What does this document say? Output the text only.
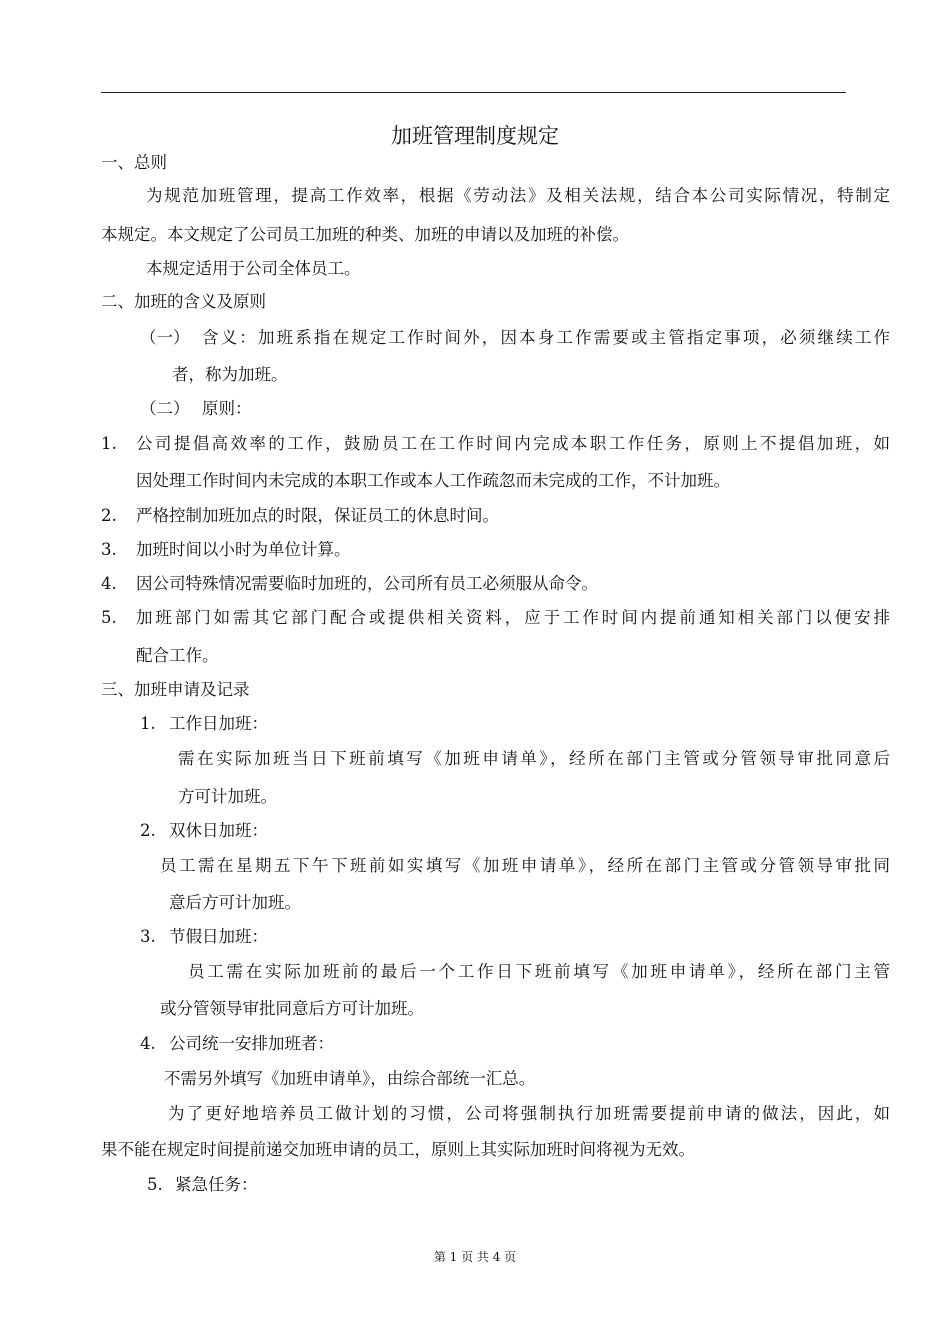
加班管理制度规定
一、总则
为规范加班管理，提高工作效率，根据《劳动法》及相关法规，结合本公司实际情况，特制定
本规定。本文规定了公司员工加班的种类、加班的申请以及加班的补偿。
本规定适用于公司全体员工。
二、加班的含义及原则
（一） 含义：加班系指在规定工作时间外，因本身工作需要或主管指定事项，必须继续工作
者，称为加班。
（二） 原则：
1. 公司提倡高效率的工作，鼓励员工在工作时间内完成本职工作任务，原则上不提倡加班，如
因处理工作时间内未完成的本职工作或本人工作疏忽而未完成的工作，不计加班。
2. 严格控制加班加点的时限，保证员工的休息时间。
3. 加班时间以小时为单位计算。
4. 因公司特殊情况需要临时加班的，公司所有员工必须服从命令。
5. 加班部门如需其它部门配合或提供相关资料，应于工作时间内提前通知相关部门以便安排
配合工作。
三、加班申请及记录
1. 工作日加班：
需在实际加班当日下班前填写《加班申请单》，经所在部门主管或分管领导审批同意后
方可计加班。
2. 双休日加班：
员工需在星期五下午下班前如实填写《加班申请单》，经所在部门主管或分管领导审批同
意后方可计加班。
3. 节假日加班：
员工需在实际加班前的最后一个工作日下班前填写《加班申请单》，经所在部门主管
或分管领导审批同意后方可计加班。
4. 公司统一安排加班者：
不需另外填写《加班申请单》，由综合部统一汇总。
为了更好地培养员工做计划的习惯，公司将强制执行加班需要提前申请的做法，因此，如
果不能在规定时间提前递交加班申请的员工，原则上其实际加班时间将视为无效。
5. 紧急任务：
第 1 页 共 4 页
